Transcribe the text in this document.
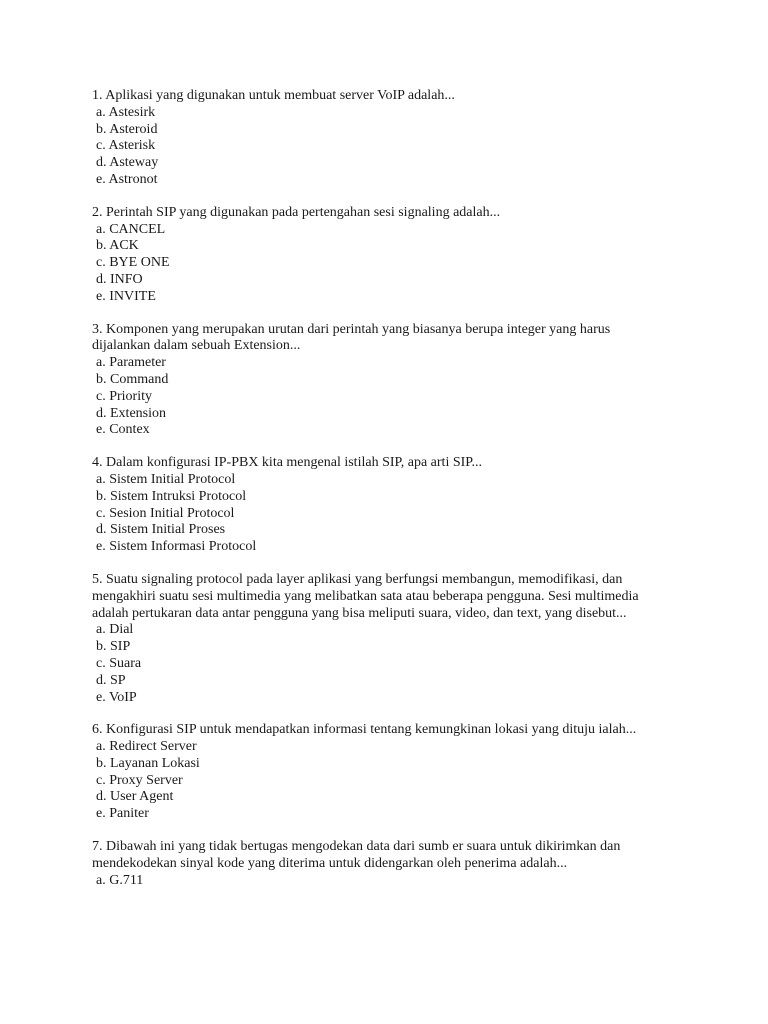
1. Aplikasi yang digunakan untuk membuat server VoIP adalah...

a. Astesirk
b. Asteroid
c. Asterisk
d. Asteway
e. Astronot

2. Perintah SIP yang digunakan pada pertengahan sesi signaling adalah...

a. CANCEL
b. ACK
c. BYE ONE
d. INFO
e. INVITE

3. Komponen yang merupakan urutan dari perintah yang biasanya berupa integer yang harus dijalankan dalam sebuah Extension...

a. Parameter
b. Command
c. Priority
d. Extension
e. Contex

4. Dalam konfigurasi IP-PBX kita mengenal istilah SIP, apa arti SIP...

a. Sistem Initial Protocol
b. Sistem Intruksi Protocol
c. Sesion Initial Protocol
d. Sistem Initial Proses
e. Sistem Informasi Protocol

5. Suatu signaling protocol pada layer aplikasi yang berfungsi membangun, memodifikasi, dan mengakhiri suatu sesi multimedia yang melibatkan sata atau beberapa pengguna. Sesi multimedia adalah pertukaran data antar pengguna yang bisa meliputi suara, video, dan text, yang disebut...

a. Dial
b. SIP
c. Suara
d. SP
e. VoIP

6. Konfigurasi SIP untuk mendapatkan informasi tentang kemungkinan lokasi yang dituju ialah...

a. Redirect Server
b. Layanan Lokasi
c. Proxy Server
d. User Agent
e. Paniter

7. Dibawah ini yang tidak bertugas mengodekan data dari sumb er suara untuk dikirimkan dan mendekodekan sinyal kode yang diterima untuk didengarkan oleh penerima adalah...

a. G.711
